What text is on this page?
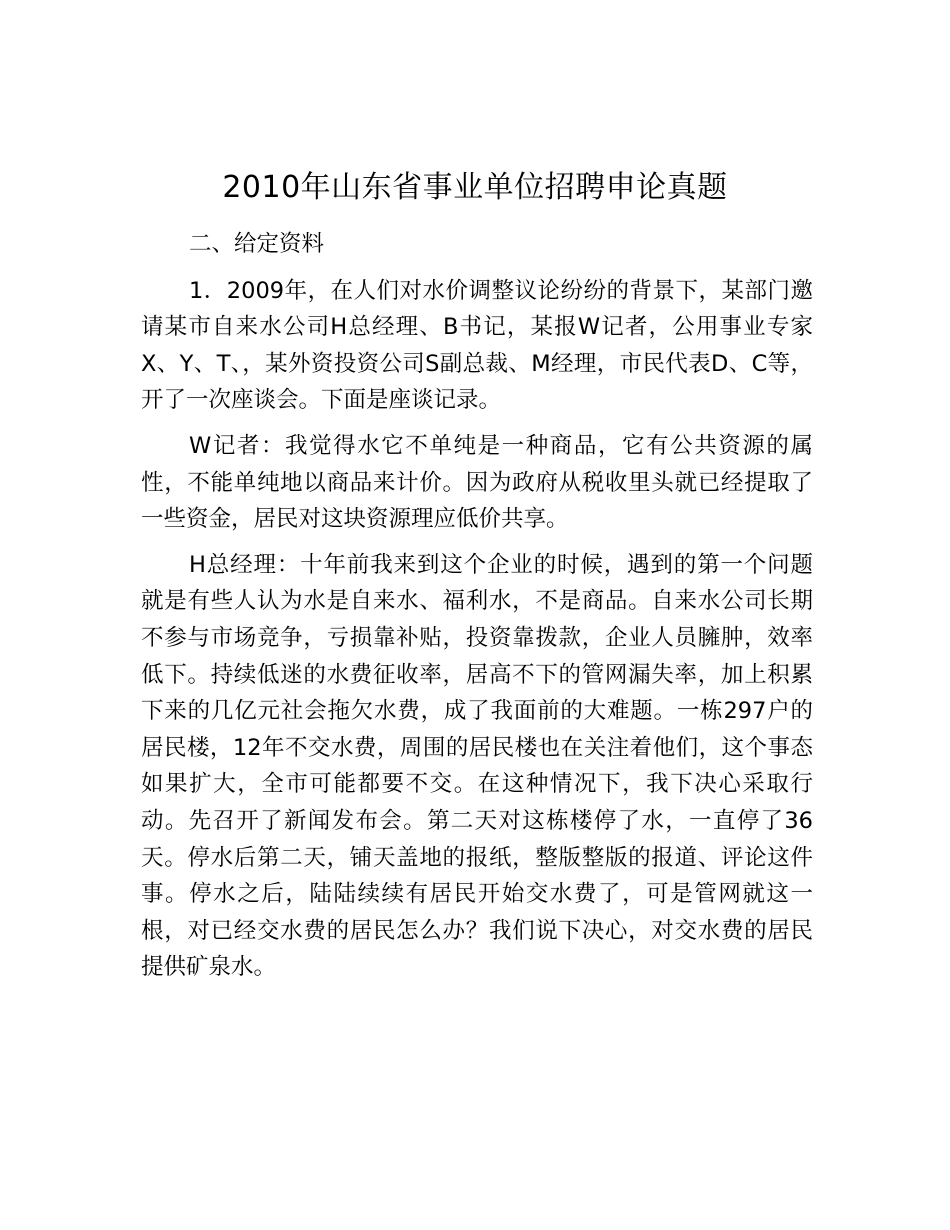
2010年山东省事业单位招聘申论真题

二、给定资料

1．2009年，在人们对水价调整议论纷纷的背景下，某部门邀请某市自来水公司H总经理、B书记，某报W记者，公用事业专家X、Y、T、，某外资投资公司S副总裁、M经理，市民代表D、C等，开了一次座谈会。下面是座谈记录。

W记者：我觉得水它不单纯是一种商品，它有公共资源的属性，不能单纯地以商品来计价。因为政府从税收里头就已经提取了一些资金，居民对这块资源理应低价共享。

H总经理：十年前我来到这个企业的时候，遇到的第一个问题就是有些人认为水是自来水、福利水，不是商品。自来水公司长期不参与市场竞争，亏损靠补贴，投资靠拨款，企业人员臃肿，效率低下。持续低迷的水费征收率，居高不下的管网漏失率，加上积累下来的几亿元社会拖欠水费，成了我面前的大难题。一栋297户的居民楼，12年不交水费，周围的居民楼也在关注着他们，这个事态如果扩大，全市可能都要不交。在这种情况下，我下决心采取行动。先召开了新闻发布会。第二天对这栋楼停了水，一直停了36天。停水后第二天，铺天盖地的报纸，整版整版的报道、评论这件事。停水之后，陆陆续续有居民开始交水费了，可是管网就这一根，对已经交水费的居民怎么办？我们说下决心，对交水费的居民提供矿泉水。
